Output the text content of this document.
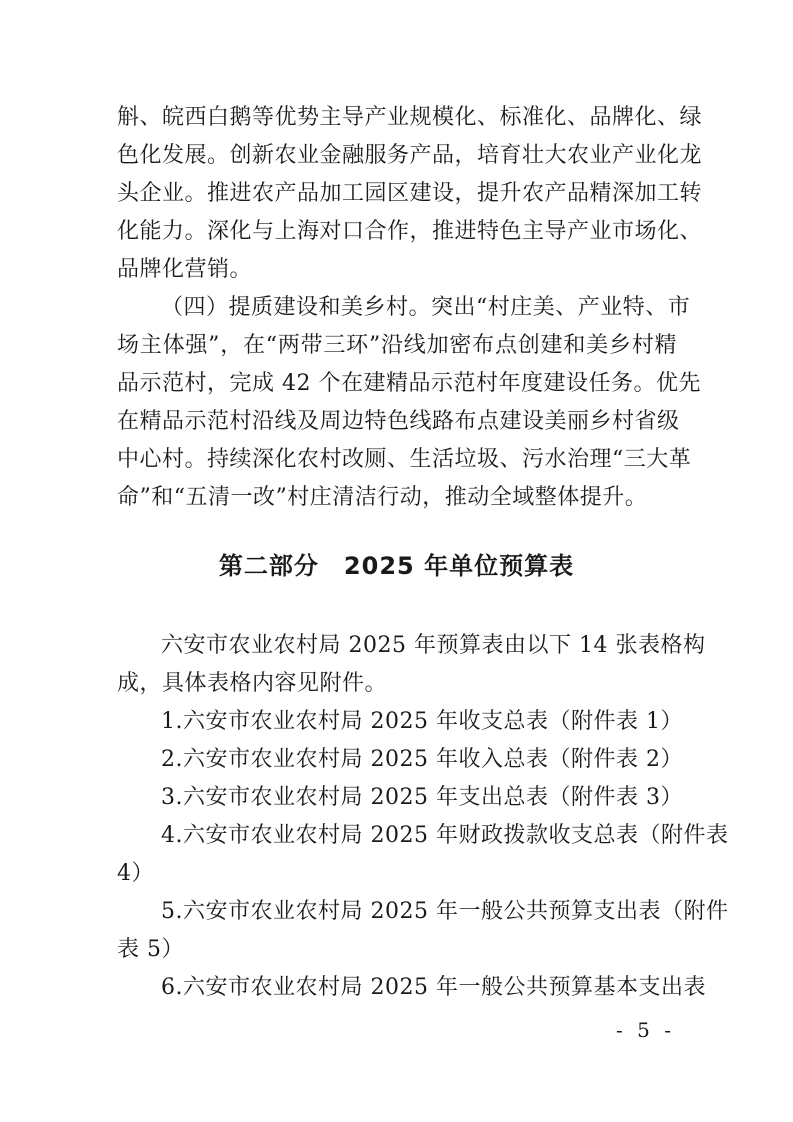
斛、皖西白鹅等优势主导产业规模化、标准化、品牌化、绿
色化发展。创新农业金融服务产品，培育壮大农业产业化龙
头企业。推进农产品加工园区建设，提升农产品精深加工转
化能力。深化与上海对口合作，推进特色主导产业市场化、
品牌化营销。
（四）提质建设和美乡村。突出“村庄美、产业特、市
场主体强”，在“两带三环”沿线加密布点创建和美乡村精
品示范村，完成 42 个在建精品示范村年度建设任务。优先
在精品示范村沿线及周边特色线路布点建设美丽乡村省级
中心村。持续深化农村改厕、生活垃圾、污水治理“三大革
命”和“五清一改”村庄清洁行动，推动全域整体提升。
第二部分　2025 年单位预算表
六安市农业农村局 2025 年预算表由以下 14 张表格构
成，具体表格内容见附件。
1.六安市农业农村局 2025 年收支总表（附件表 1）
2.六安市农业农村局 2025 年收入总表（附件表 2）
3.六安市农业农村局 2025 年支出总表（附件表 3）
4.六安市农业农村局 2025 年财政拨款收支总表（附件表
4）
5.六安市农业农村局 2025 年一般公共预算支出表（附件
表 5）
6.六安市农业农村局 2025 年一般公共预算基本支出表
- 5 -
